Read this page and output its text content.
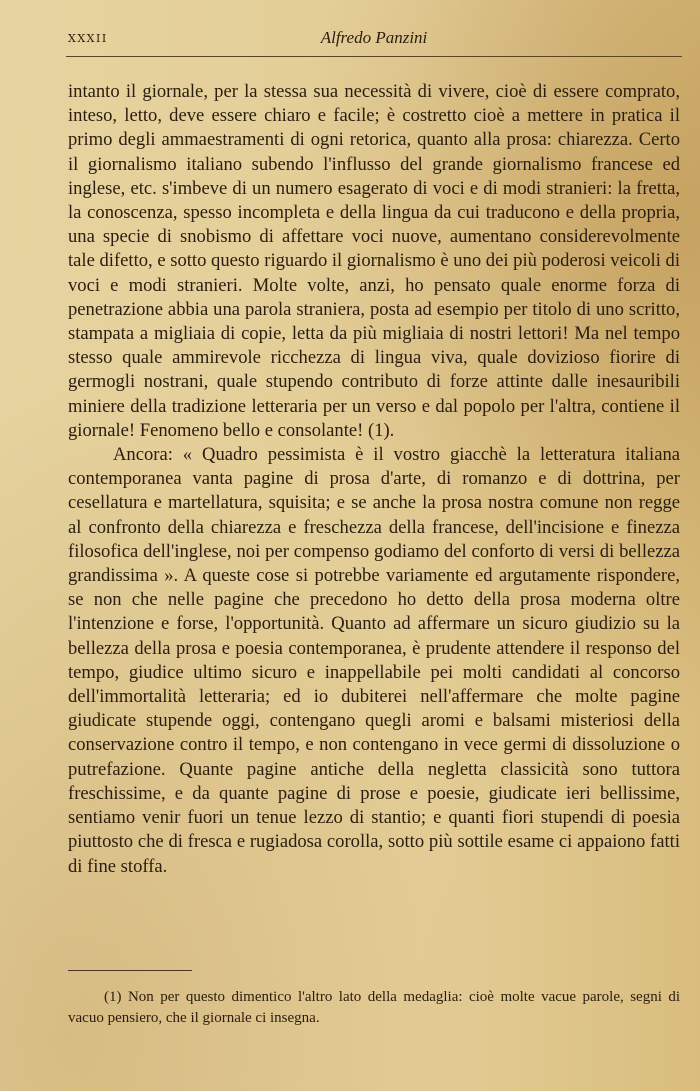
XXXII	Alfredo Panzini

intanto il giornale, per la stessa sua necessità di vivere, cioè di essere comprato, inteso, letto, deve essere chiaro e facile; è costretto cioè a mettere in pratica il primo degli ammaestramenti di ogni retorica, quanto alla prosa: chiarezza. Certo il giornalismo italiano subendo l'influsso del grande giornalismo francese ed inglese, etc. s'imbeve di un numero esagerato di voci e di modi stranieri: la fretta, la conoscenza, spesso incompleta e della lingua da cui traducono e della propria, una specie di snobismo di affettare voci nuove, aumentano considerevolmente tale difetto, e sotto questo riguardo il giornalismo è uno dei più poderosi veicoli di voci e modi stranieri. Molte volte, anzi, ho pensato quale enorme forza di penetrazione abbia una parola straniera, posta ad esempio per titolo di uno scritto, stampata a migliaia di copie, letta da più migliaia di nostri lettori! Ma nel tempo stesso quale ammirevole ricchezza di lingua viva, quale dovizioso fiorire di germogli nostrani, quale stupendo contributo di forze attinte dalle inesauribili miniere della tradizione letteraria per un verso e dal popolo per l'altra, contiene il giornale! Fenomeno bello e consolante! (1).

Ancora: « Quadro pessimista è il vostro giacchè la letteratura italiana contemporanea vanta pagine di prosa d'arte, di romanzo e di dottrina, per cesellatura e martellatura, squisita; e se anche la prosa nostra comune non regge al confronto della chiarezza e freschezza della francese, dell'incisione e finezza filosofica dell'inglese, noi per compenso godiamo del conforto di versi di bellezza grandissima ». A queste cose si potrebbe variamente ed argutamente rispondere, se non che nelle pagine che precedono ho detto della prosa moderna oltre l'intenzione e forse, l'opportunità. Quanto ad affermare un sicuro giudizio su la bellezza della prosa e poesia contemporanea, è prudente attendere il responso del tempo, giudice ultimo sicuro e inappellabile pei molti candidati al concorso dell'immortalità letteraria; ed io dubiterei nell'affermare che molte pagine giudicate stupende oggi, contengano quegli aromi e balsami misteriosi della conservazione contro il tempo, e non contengano in vece germi di dissoluzione o putrefazione. Quante pagine antiche della negletta classicità sono tuttora freschissime, e da quante pagine di prose e poesie, giudicate ieri bellissime, sentiamo venir fuori un tenue lezzo di stantio; e quanti fiori stupendi di poesia piuttosto che di fresca e rugiadosa corolla, sotto più sottile esame ci appaiono fatti di fine stoffa.

(1) Non per questo dimentico l'altro lato della medaglia: cioè molte vacue parole, segni di vacuo pensiero, che il giornale ci insegna.
